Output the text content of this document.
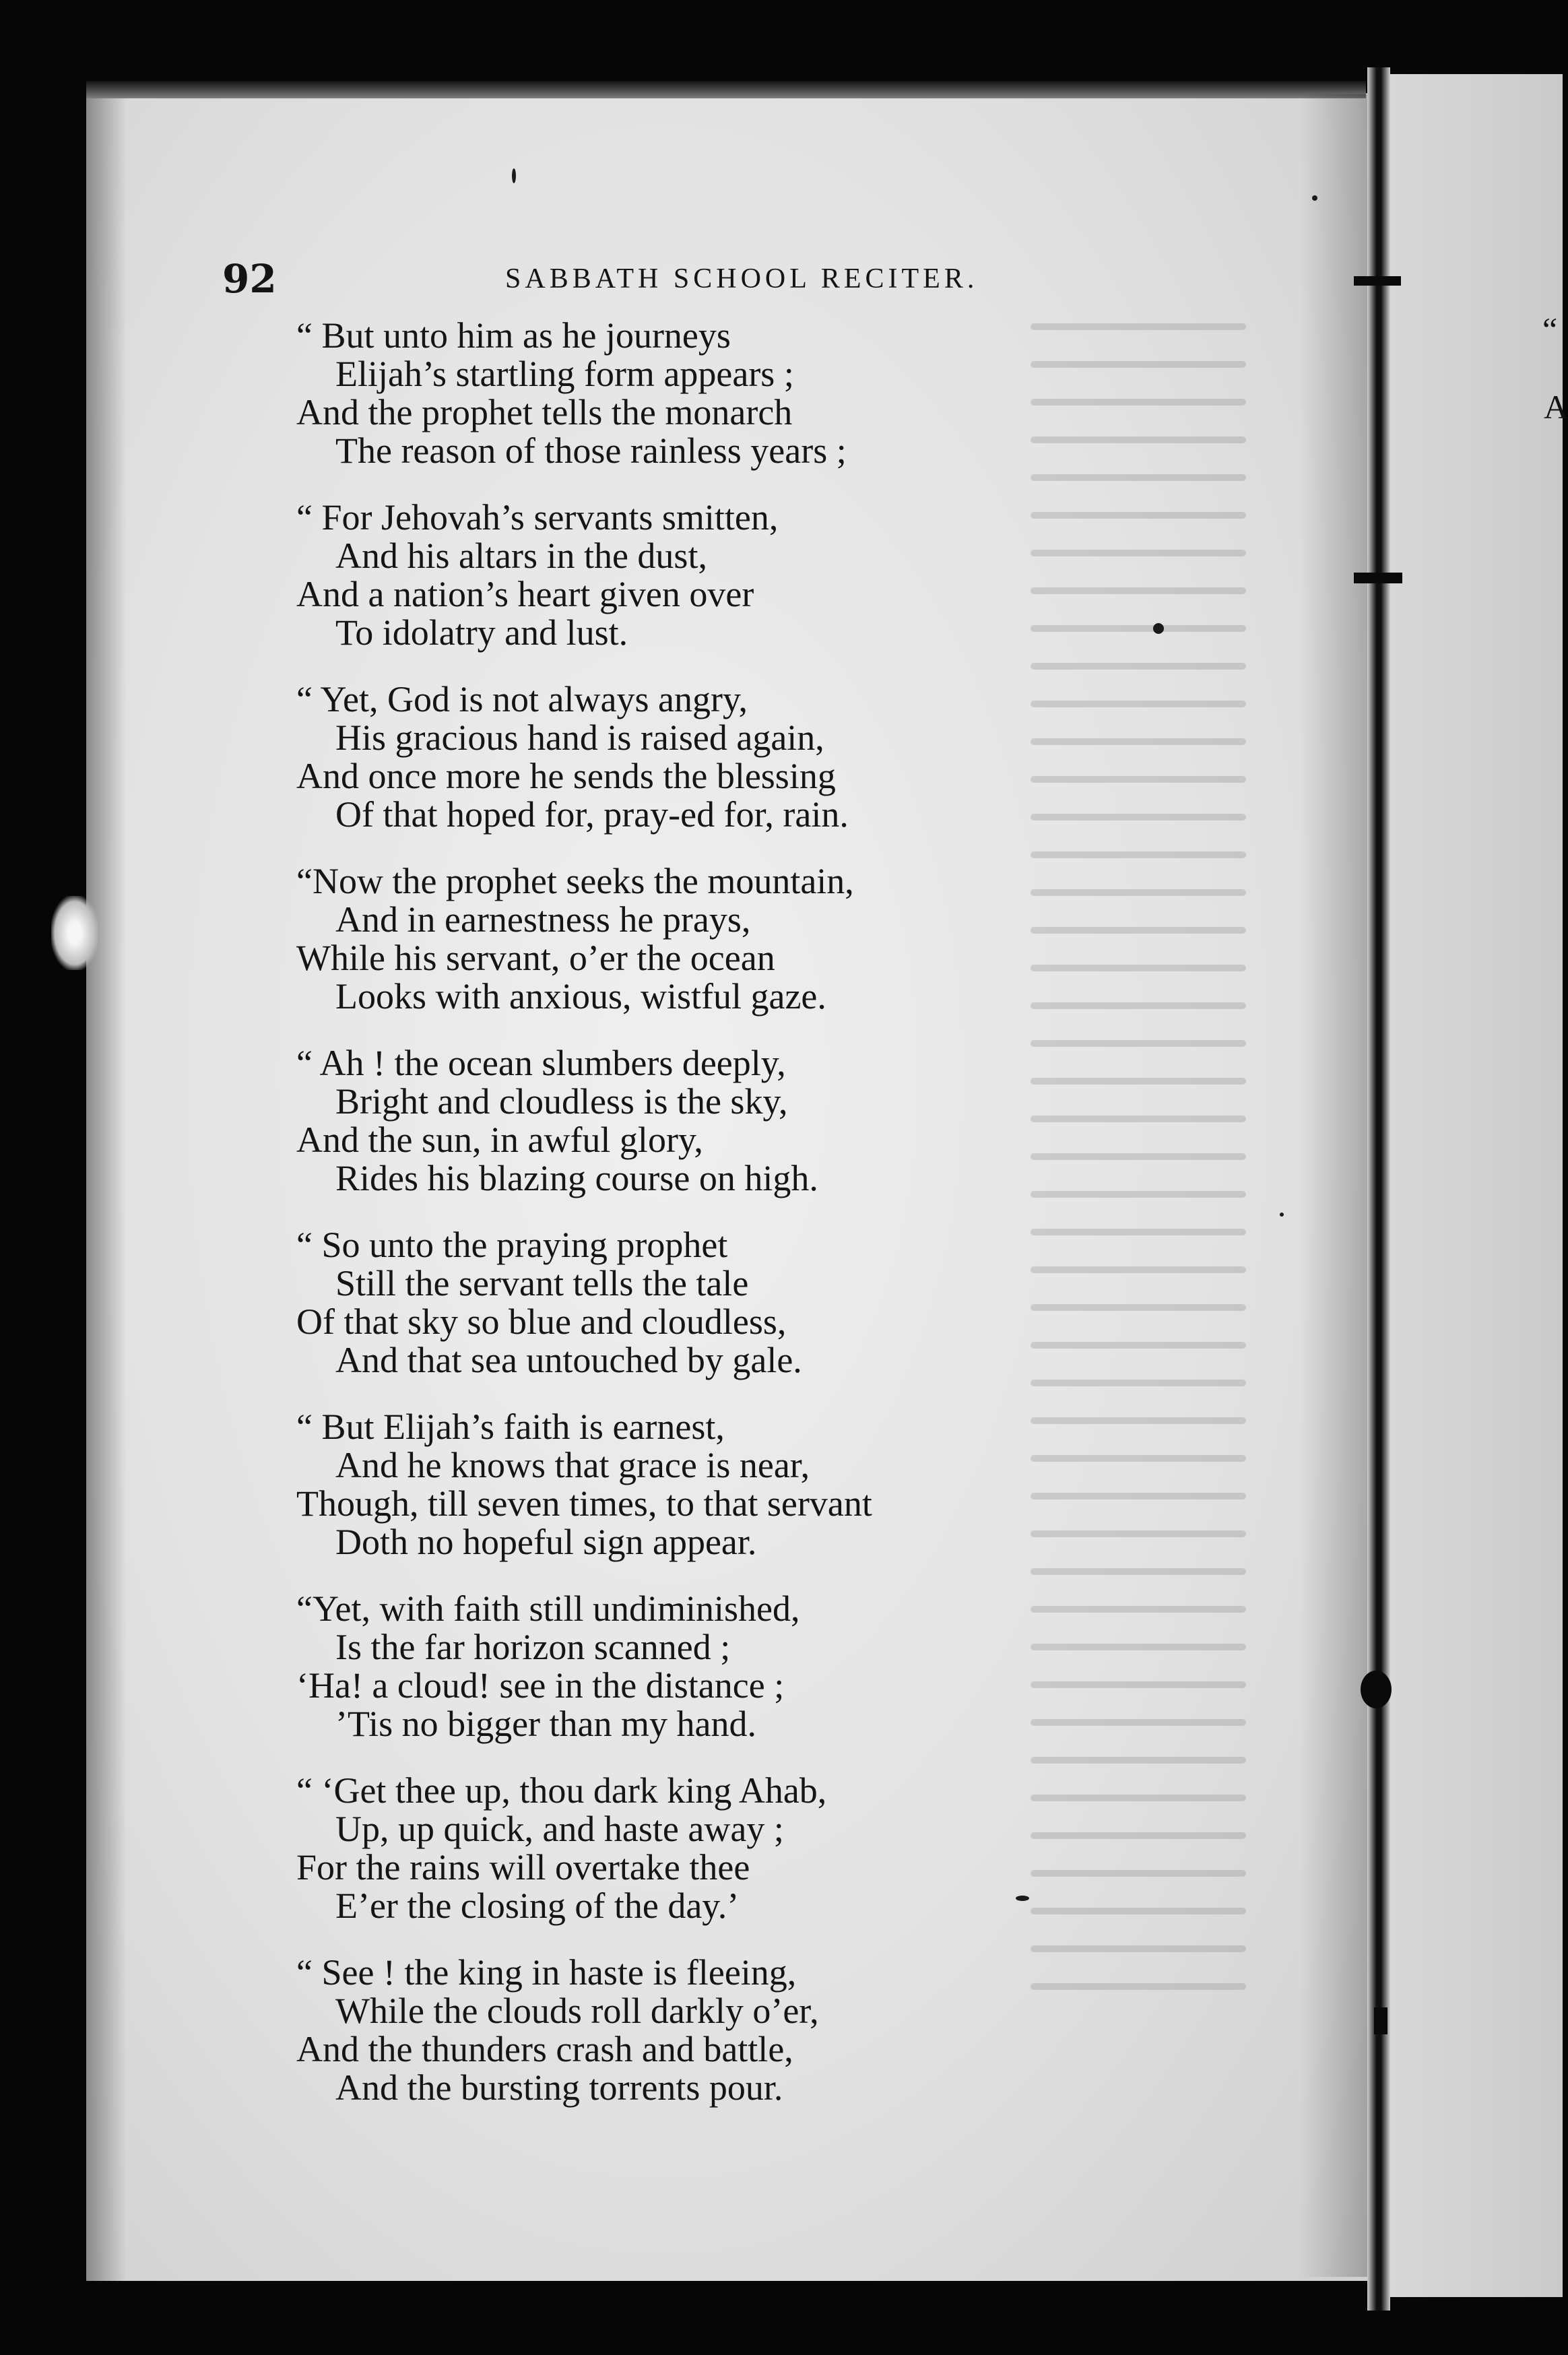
92	SABBATH SCHOOL RECITER.
“ But unto him as he journeys
Elijah’s startling form appears ;
And the prophet tells the monarch
The reason of those rainless years ;
“ For Jehovah’s servants smitten,
And his altars in the dust,
And a nation’s heart given over
To idolatry and lust.
“ Yet, God is not always angry,
His gracious hand is raised again,
And once more he sends the blessing
Of that hoped for, pray-ed for, rain.
“Now the prophet seeks the mountain,
And in earnestness he prays,
While his servant, o’er the ocean
Looks with anxious, wistful gaze.
“ Ah ! the ocean slumbers deeply,
Bright and cloudless is the sky,
And the sun, in awful glory,
Rides his blazing course on high.
“ So unto the praying prophet
Still the servant tells the tale
Of that sky so blue and cloudless,
And that sea untouched by gale.
“ But Elijah’s faith is earnest,
And he knows that grace is near,
Though, till seven times, to that servant
Doth no hopeful sign appear.
“Yet, with faith still undiminished,
Is the far horizon scanned ;
‘Ha! a cloud! see in the distance ;
’Tis no bigger than my hand.
“ ‘Get thee up, thou dark king Ahab,
Up, up quick, and haste away ;
For the rains will overtake thee
E’er the closing of the day.’
“ See ! the king in haste is fleeing,
While the clouds roll darkly o’er,
And the thunders crash and battle,
And the bursting torrents pour.
“
A
